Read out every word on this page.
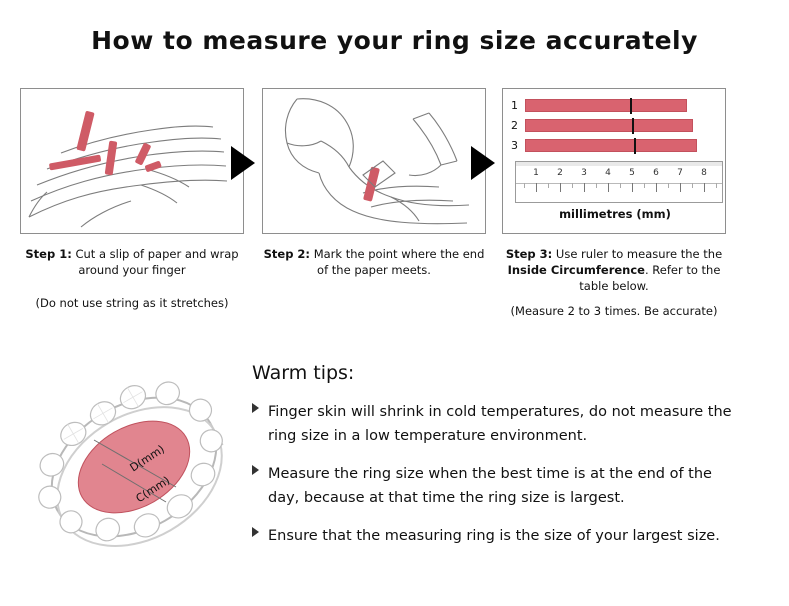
How to measure your ring size accurately
Step 1: Cut a slip of paper and wrap around your finger
(Do not use string as it stretches)
Step 2: Mark the point where the end of the paper meets.
1
2
3
1 2 3 4 5 6 7 8
millimetres (mm)
Step 3: Use ruler to measure the the Inside Circumference. Refer to the table below.
(Measure 2 to 3 times. Be accurate)
D(mm)
C(mm)
Warm tips:
Finger skin will shrink in cold temperatures, do not measure the ring size in a low temperature environment.
Measure the ring size when the best time is at the end of the day, because at that time the ring size is largest.
Ensure that the measuring ring is the size of your largest size.
